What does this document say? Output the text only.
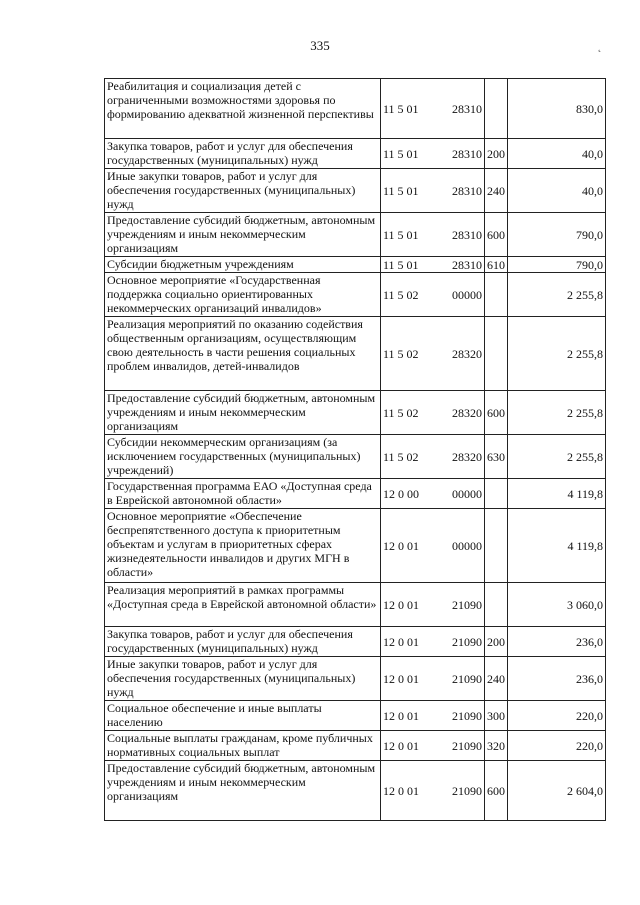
335	˛
Реабилитация и социализация детей с ограниченными возможностями здоровья по формированию адекватной жизненной перспективы	11 5 01 28310		830,0
Закупка товаров, работ и услуг для обеспечения государственных (муниципальных) нужд	11 5 01 28310	200	40,0
Иные закупки товаров, работ и услуг для обеспечения государственных (муниципальных) нужд	11 5 01 28310	240	40,0
Предоставление субсидий бюджетным, автономным учреждениям и иным некоммерческим организациям	11 5 01 28310	600	790,0
Субсидии бюджетным учреждениям	11 5 01 28310	610	790,0
Основное мероприятие «Государственная поддержка социально ориентированных некоммерческих организаций инвалидов»	11 5 02 00000		2 255,8
Реализация мероприятий по оказанию содействия общественным организациям, осуществляющим свою деятельность в части решения социальных проблем инвалидов, детей-инвалидов	11 5 02 28320		2 255,8
Предоставление субсидий бюджетным, автономным учреждениям и иным некоммерческим организациям	11 5 02 28320	600	2 255,8
Субсидии некоммерческим организациям (за исключением государственных (муниципальных) учреждений)	11 5 02 28320	630	2 255,8
Государственная программа ЕАО «Доступная среда в Еврейской автономной области»	12 0 00 00000		4 119,8
Основное мероприятие «Обеспечение беспрепятственного доступа к приоритетным объектам и услугам в приоритетных сферах жизнедеятельности инвалидов и других МГН в области»	12 0 01 00000		4 119,8
Реализация мероприятий в рамках программы «Доступная среда в Еврейской автономной области»	12 0 01 21090		3 060,0
Закупка товаров, работ и услуг для обеспечения государственных (муниципальных) нужд	12 0 01 21090	200	236,0
Иные закупки товаров, работ и услуг для обеспечения государственных (муниципальных) нужд	12 0 01 21090	240	236,0
Социальное обеспечение и иные выплаты населению	12 0 01 21090	300	220,0
Социальные выплаты гражданам, кроме публичных нормативных социальных выплат	12 0 01 21090	320	220,0
Предоставление субсидий бюджетным, автономным учреждениям и иным некоммерческим организациям	12 0 01 21090	600	2 604,0
